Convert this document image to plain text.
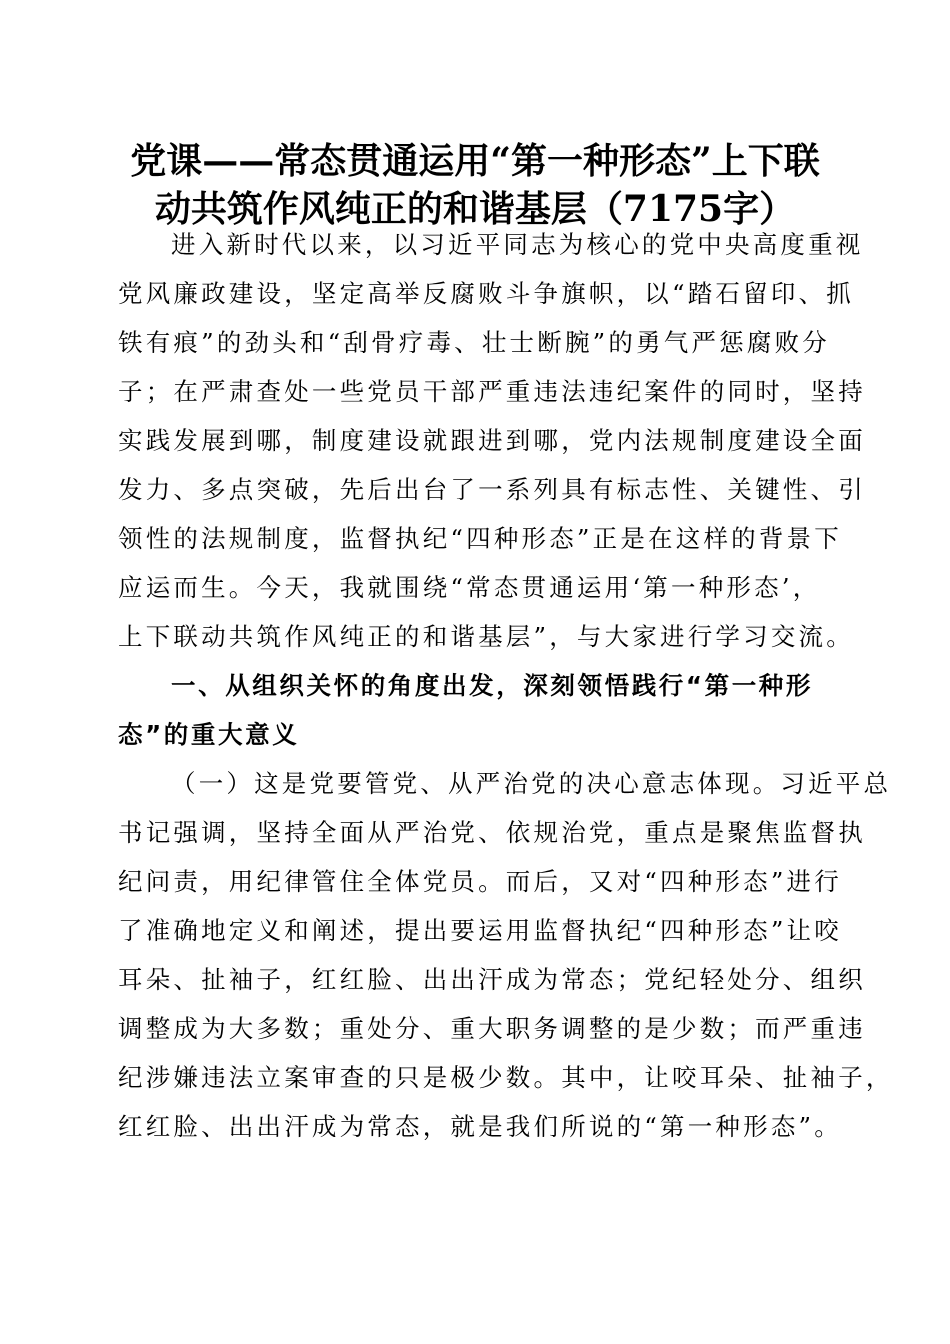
党课——常态贯通运用“第一种形态”上下联
动共筑作风纯正的和谐基层（7175字）
进入新时代以来，以习近平同志为核心的党中央高度重视
党风廉政建设，坚定高举反腐败斗争旗帜，以“踏石留印、抓
铁有痕”的劲头和“刮骨疗毒、壮士断腕”的勇气严惩腐败分
子；在严肃查处一些党员干部严重违法违纪案件的同时，坚持
实践发展到哪，制度建设就跟进到哪，党内法规制度建设全面
发力、多点突破，先后出台了一系列具有标志性、关键性、引
领性的法规制度，监督执纪“四种形态”正是在这样的背景下
应运而生。今天，我就围绕“常态贯通运用‘第一种形态’，
上下联动共筑作风纯正的和谐基层”，与大家进行学习交流。
一、从组织关怀的角度出发，深刻领悟践行“第一种形
态”的重大意义
（一）这是党要管党、从严治党的决心意志体现。习近平总
书记强调，坚持全面从严治党、依规治党，重点是聚焦监督执
纪问责，用纪律管住全体党员。而后，又对“四种形态”进行
了准确地定义和阐述，提出要运用监督执纪“四种形态”让咬
耳朵、扯袖子，红红脸、出出汗成为常态；党纪轻处分、组织
调整成为大多数；重处分、重大职务调整的是少数；而严重违
纪涉嫌违法立案审查的只是极少数。其中，让咬耳朵、扯袖子，
红红脸、出出汗成为常态，就是我们所说的“第一种形态”。
